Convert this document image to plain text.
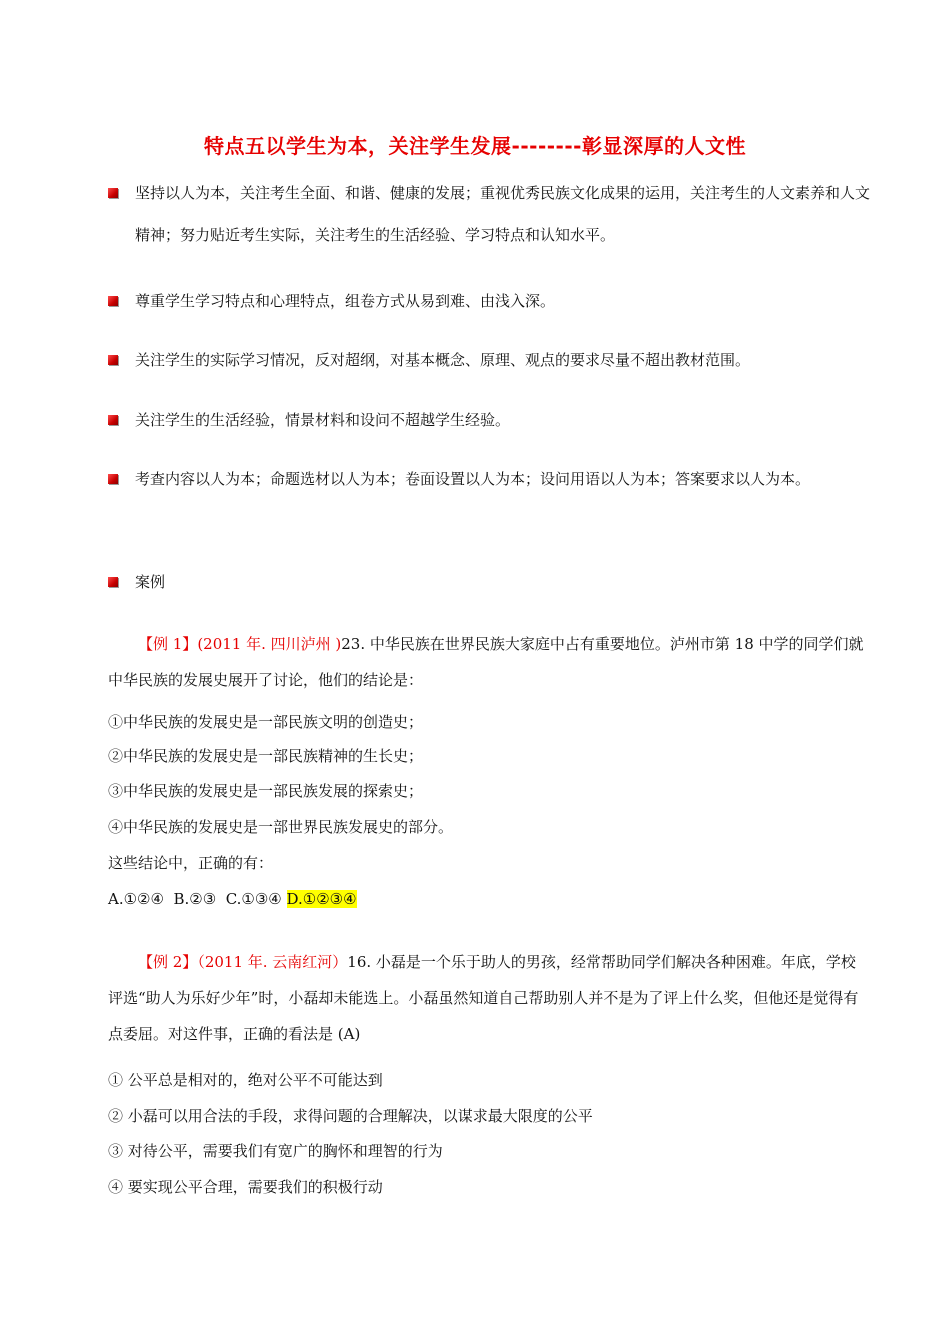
特点五以学生为本，关注学生发展--------彰显深厚的人文性
坚持以人为本，关注考生全面、和谐、健康的发展；重视优秀民族文化成果的运用，关注考生的人文素养和人文精神；努力贴近考生实际，关注考生的生活经验、学习特点和认知水平。
尊重学生学习特点和心理特点，组卷方式从易到难、由浅入深。
关注学生的实际学习情况，反对超纲，对基本概念、原理、观点的要求尽量不超出教材范围。
关注学生的生活经验，情景材料和设问不超越学生经验。
考查内容以人为本；命题选材以人为本；卷面设置以人为本；设问用语以人为本；答案要求以人为本。
案例
【例 1】(2011 年. 四川泸州 )23. 中华民族在世界民族大家庭中占有重要地位。泸州市第 18 中学的同学们就中华民族的发展史展开了讨论，他们的结论是：
①中华民族的发展史是一部民族文明的创造史；
②中华民族的发展史是一部民族精神的生长史；
③中华民族的发展史是一部民族发展的探索史；
④中华民族的发展史是一部世界民族发展史的部分。
这些结论中，正确的有：
A.①②④  B.②③  C.①③④ D.①②③④
【例 2】（2011 年. 云南红河）16. 小磊是一个乐于助人的男孩，经常帮助同学们解决各种困难。年底，学校评选“助人为乐好少年”时，小磊却未能选上。小磊虽然知道自己帮助别人并不是为了评上什么奖，但他还是觉得有点委屈。对这件事，正确的看法是 (A)
① 公平总是相对的，绝对公平不可能达到
② 小磊可以用合法的手段，求得问题的合理解决，以谋求最大限度的公平
③ 对待公平，需要我们有宽广的胸怀和理智的行为
④ 要实现公平合理，需要我们的积极行动
